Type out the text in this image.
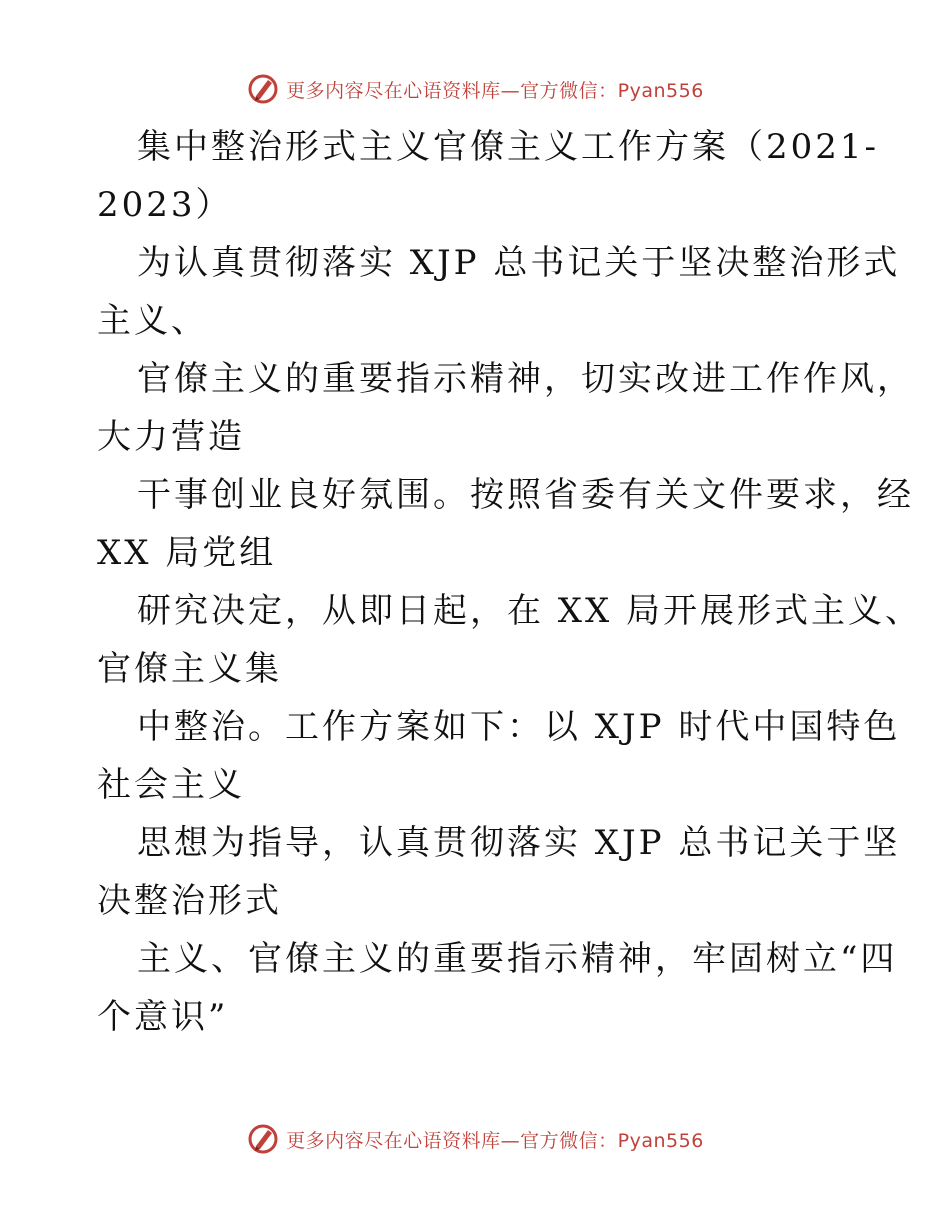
更多内容尽在心语资料库—官方微信：Pyan556
集中整治形式主义官僚主义工作方案（2021-
2023）
为认真贯彻落实 XJP 总书记关于坚决整治形式
主义、
官僚主义的重要指示精神，切实改进工作作风，
大力营造
干事创业良好氛围。按照省委有关文件要求，经
XX 局党组
研究决定，从即日起，在 XX 局开展形式主义、
官僚主义集
中整治。工作方案如下：以 XJP 时代中国特色
社会主义
思想为指导，认真贯彻落实 XJP 总书记关于坚
决整治形式
主义、官僚主义的重要指示精神，牢固树立“四
个意识”
更多内容尽在心语资料库—官方微信：Pyan556
